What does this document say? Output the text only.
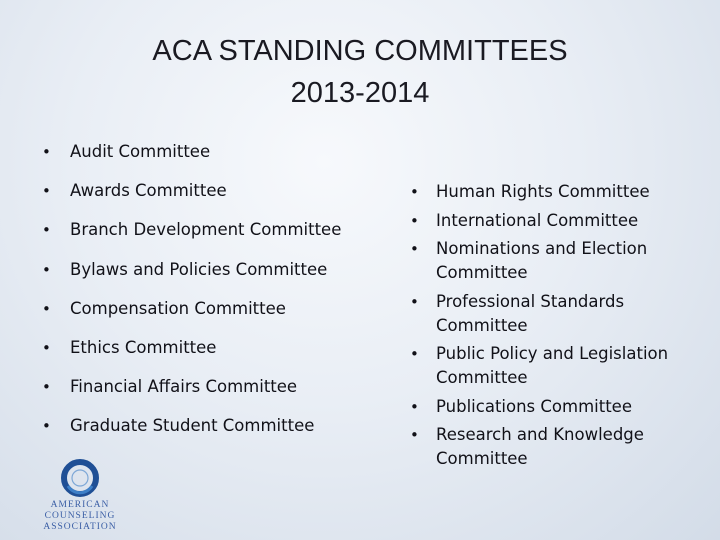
ACA STANDING COMMITTEES
2013-2014
• Audit Committee
• Awards Committee
• Branch Development Committee
• Bylaws and Policies Committee
• Compensation Committee
• Ethics Committee
• Financial Affairs Committee
• Graduate Student Committee
• Human Rights Committee
• International Committee
• Nominations and Election Committee
• Professional Standards Committee
• Public Policy and Legislation Committee
• Publications Committee
• Research and Knowledge Committee
AMERICAN COUNSELING
ASSOCIATION
